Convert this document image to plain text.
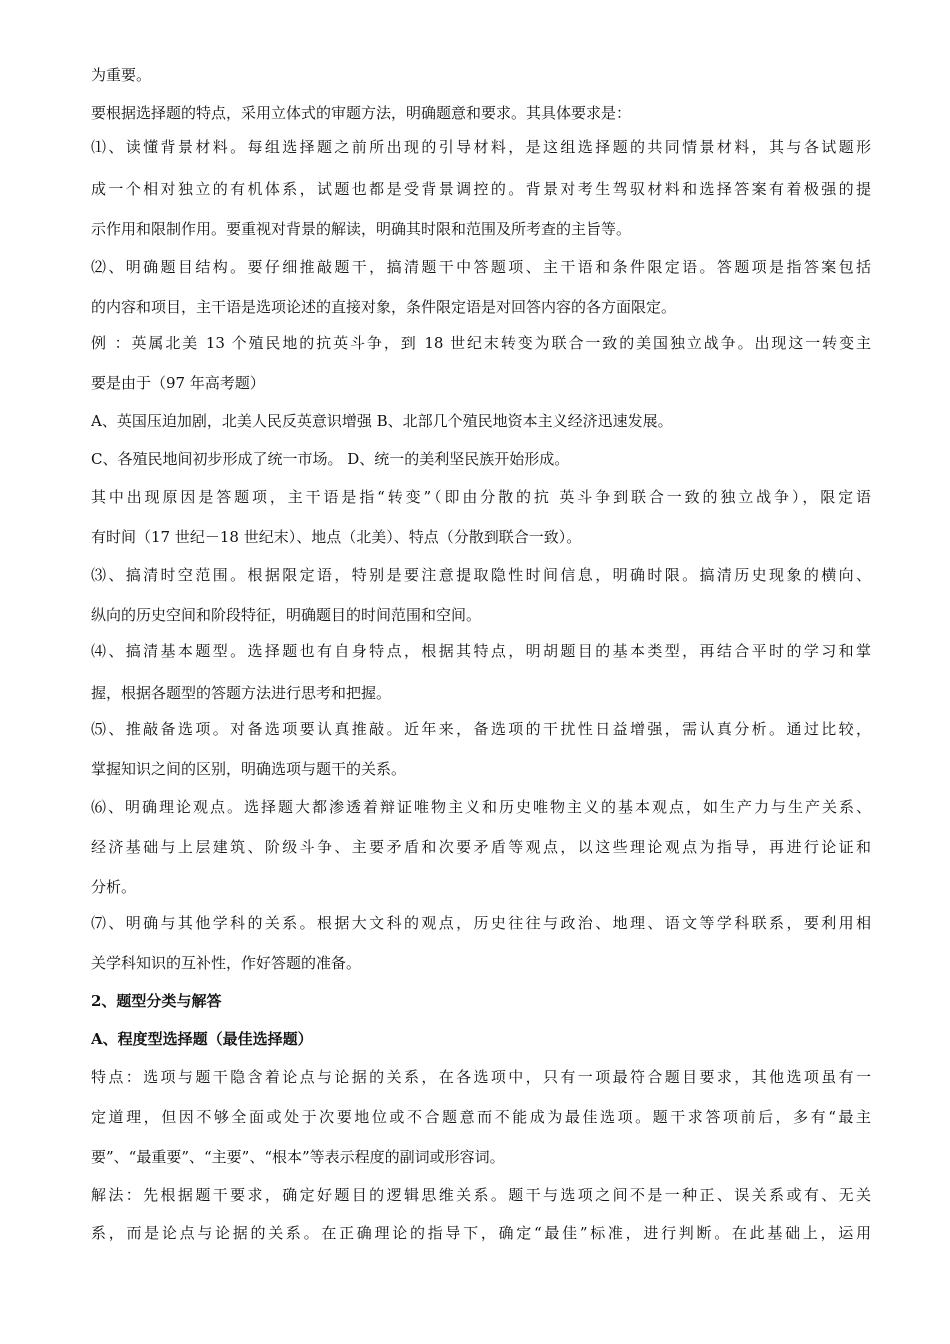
为重要。
要根据选择题的特点，采用立体式的审题方法，明确题意和要求。其具体要求是：
⑴、读懂背景材料。每组选择题之前所出现的引导材料，是这组选择题的共同情景材料，其与各试题形
成一个相对独立的有机体系，试题也都是受背景调控的。背景对考生驾驭材料和选择答案有着极强的提
示作用和限制作用。要重视对背景的解读，明确其时限和范围及所考查的主旨等。
⑵、明确题目结构。要仔细推敲题干，搞清题干中答题项、主干语和条件限定语。答题项是指答案包括
的内容和项目，主干语是选项论述的直接对象，条件限定语是对回答内容的各方面限定。
例 ：英属北美 13 个殖民地的抗英斗争，到 18 世纪末转变为联合一致的美国独立战争。出现这一转变主
要是由于（97 年高考题）
A、英国压迫加剧，北美人民反英意识增强 B、北部几个殖民地资本主义经济迅速发展。
C、各殖民地间初步形成了统一市场。 D、统一的美利坚民族开始形成。
其中出现原因是答题项，主干语是指“转变”（即由分散的抗 英斗争到联合一致的独立战争），限定语
有时间（17 世纪－18 世纪末）、地点（北美）、特点（分散到联合一致）。
⑶、搞清时空范围。根据限定语，特别是要注意提取隐性时间信息，明确时限。搞清历史现象的横向、
纵向的历史空间和阶段特征，明确题目的时间范围和空间。
⑷、搞清基本题型。选择题也有自身特点，根据其特点，明胡题目的基本类型，再结合平时的学习和掌
握，根据各题型的答题方法进行思考和把握。
⑸、推敲备选项。对备选项要认真推敲。近年来，备选项的干扰性日益增强，需认真分析。通过比较，
掌握知识之间的区别，明确选项与题干的关系。
⑹、明确理论观点。选择题大都渗透着辩证唯物主义和历史唯物主义的基本观点，如生产力与生产关系、
经济基础与上层建筑、阶级斗争、主要矛盾和次要矛盾等观点，以这些理论观点为指导，再进行论证和
分析。
⑺、明确与其他学科的关系。根据大文科的观点，历史往往与政治、地理、语文等学科联系，要利用相
关学科知识的互补性，作好答题的准备。
2、题型分类与解答
A、程度型选择题（最佳选择题）
特点：选项与题干隐含着论点与论据的关系，在各选项中，只有一项最符合题目要求，其他选项虽有一
定道理，但因不够全面或处于次要地位或不合题意而不能成为最佳选项。题干求答项前后，多有“最主
要”、“最重要”、“主要”、“根本”等表示程度的副词或形容词。
解法：先根据题干要求，确定好题目的逻辑思维关系。题干与选项之间不是一种正、误关系或有、无关
系，而是论点与论据的关系。在正确理论的指导下，确定“最佳”标准，进行判断。在此基础上，运用
